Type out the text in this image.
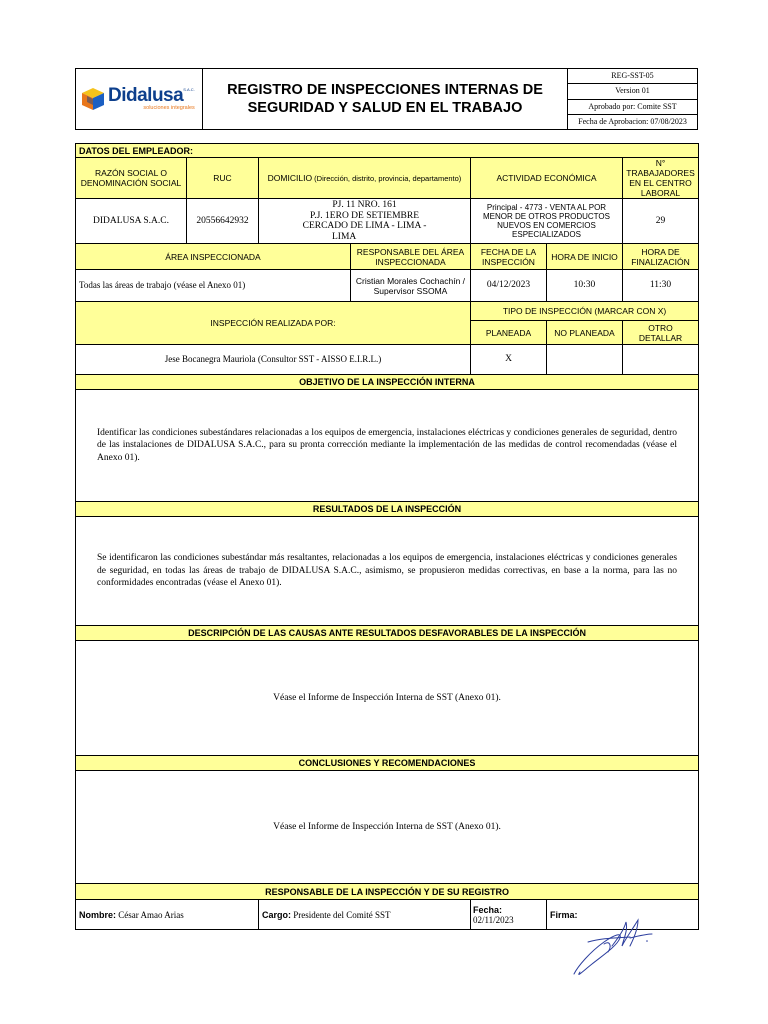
Didalusa$^{S.A.C.}$
soluciones integrales

REGISTRO DE INSPECCIONES INTERNAS DE
SEGURIDAD Y SALUD EN EL TRABAJO
	REG-SST-05
Version 01
Aprobado por: Comite SST
Fecha de Aprobacion: 07/08/2023
DATOS DEL EMPLEADOR:						
RAZÓN SOCIAL O DENOMINACIÓN SOCIAL	RUC	DOMICILIO (Dirección, distrito, provincia, departamento)		ACTIVIDAD ECONÓMICA		N° TRABAJADORES EN EL CENTRO LABORAL
DIDALUSA S.A.C.	20556642932	PJ. 11 NRO. 161
P.J. 1ERO DE SETIEMBRE
CERCADO DE LIMA - LIMA -
LIMA		Principal - 4773 - VENTA AL POR MENOR DE OTROS PRODUCTOS NUEVOS EN COMERCIOS ESPECIALIZADOS		29
ÁREA INSPECCIONADA			RESPONSABLE DEL ÁREA INSPECCIONADA	FECHA DE LA INSPECCIÓN	HORA DE INICIO	HORA DE FINALIZACIÓN
Todas las áreas de trabajo (véase el Anexo 01)			Cristian Morales Cochachín / Supervisor SSOMA	04/12/2023	10:30	11:30
INSPECCIÓN REALIZADA POR:				TIPO DE INSPECCIÓN (MARCAR CON X)		
				PLANEADA	NO PLANEADA	OTRO DETALLAR
Jese Bocanegra Mauriola (Consultor SST - AISSO E.I.R.L.)				X		
OBJETIVO DE LA INSPECCIÓN INTERNA						
Identificar las condiciones subestándares relacionadas a los equipos de emergencia, instalaciones eléctricas y condiciones generales de seguridad, dentro de las instalaciones de DIDALUSA S.A.C., para su pronta corrección mediante la implementación de las medidas de control recomendadas (véase el Anexo 01).						
RESULTADOS DE LA INSPECCIÓN						
Se identificaron las condiciones subestándar más resaltantes, relacionadas a los equipos de emergencia, instalaciones eléctricas y condiciones generales de seguridad, en todas las áreas de trabajo de DIDALUSA S.A.C., asimismo, se propusieron medidas correctivas, en base a la norma, para las no conformidades encontradas (véase el Anexo 01).						
DESCRIPCIÓN DE LAS CAUSAS ANTE RESULTADOS DESFAVORABLES DE LA INSPECCIÓN						
Véase el Informe de Inspección Interna de SST (Anexo 01).						
CONCLUSIONES Y RECOMENDACIONES						
Véase el Informe de Inspección Interna de SST (Anexo 01).						
RESPONSABLE DE LA INSPECCIÓN Y DE SU REGISTRO						
Nombre: César Amao Arias		Cargo: Presidente del Comité SST		Fecha: 02/11/2023	Firma:	
